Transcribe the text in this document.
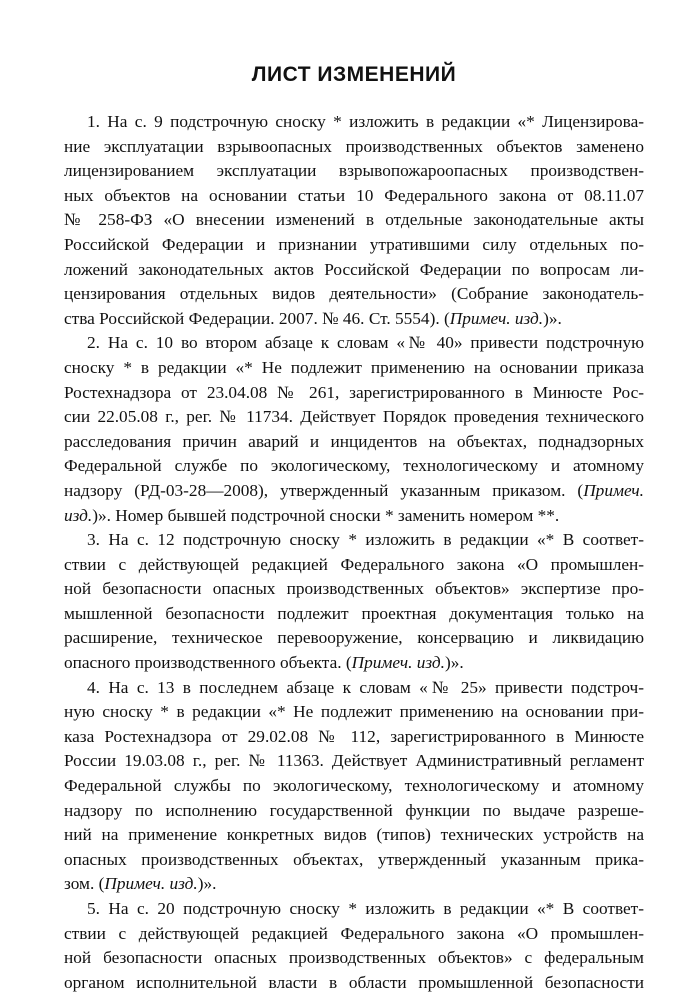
ЛИСТ ИЗМЕНЕНИЙ
1. На с. 9 подстрочную сноску * изложить в редакции «* Лицензирова-
ние эксплуатации взрывоопасных производственных объектов заменено
лицензированием эксплуатации взрывопожароопасных производствен-
ных объектов на основании статьи 10 Федерального закона от 08.11.07
№ 258-ФЗ «О внесении изменений в отдельные законодательные акты
Российской Федерации и признании утратившими силу отдельных по-
ложений законодательных актов Российской Федерации по вопросам ли-
цензирования отдельных видов деятельности» (Собрание законодатель-
ства Российской Федерации. 2007. № 46. Ст. 5554). (Примеч. изд.)».
2. На с. 10 во втором абзаце к словам «№ 40» привести подстрочную
сноску * в редакции «* Не подлежит применению на основании приказа
Ростехнадзора от 23.04.08 № 261, зарегистрированного в Минюсте Рос-
сии 22.05.08 г., рег. № 11734. Действует Порядок проведения технического
расследования причин аварий и инцидентов на объектах, поднадзорных
Федеральной службе по экологическому, технологическому и атомному
надзору (РД-03-28—2008), утвержденный указанным приказом. (Примеч.
изд.)». Номер бывшей подстрочной сноски * заменить номером **.
3. На с. 12 подстрочную сноску * изложить в редакции «* В соответ-
ствии с действующей редакцией Федерального закона «О промышлен-
ной безопасности опасных производственных объектов» экспертизе про-
мышленной безопасности подлежит проектная документация только на
расширение, техническое перевооружение, консервацию и ликвидацию
опасного производственного объекта. (Примеч. изд.)».
4. На с. 13 в последнем абзаце к словам «№ 25» привести подстроч-
ную сноску * в редакции «* Не подлежит применению на основании при-
каза Ростехнадзора от 29.02.08 № 112, зарегистрированного в Минюсте
России 19.03.08 г., рег. № 11363. Действует Административный регламент
Федеральной службы по экологическому, технологическому и атомному
надзору по исполнению государственной функции по выдаче разреше-
ний на применение конкретных видов (типов) технических устройств на
опасных производственных объектах, утвержденный указанным прика-
зом. (Примеч. изд.)».
5. На с. 20 подстрочную сноску * изложить в редакции «* В соответ-
ствии с действующей редакцией Федерального закона «О промышлен-
ной безопасности опасных производственных объектов» с федеральным
органом исполнительной власти в области промышленной безопасности
